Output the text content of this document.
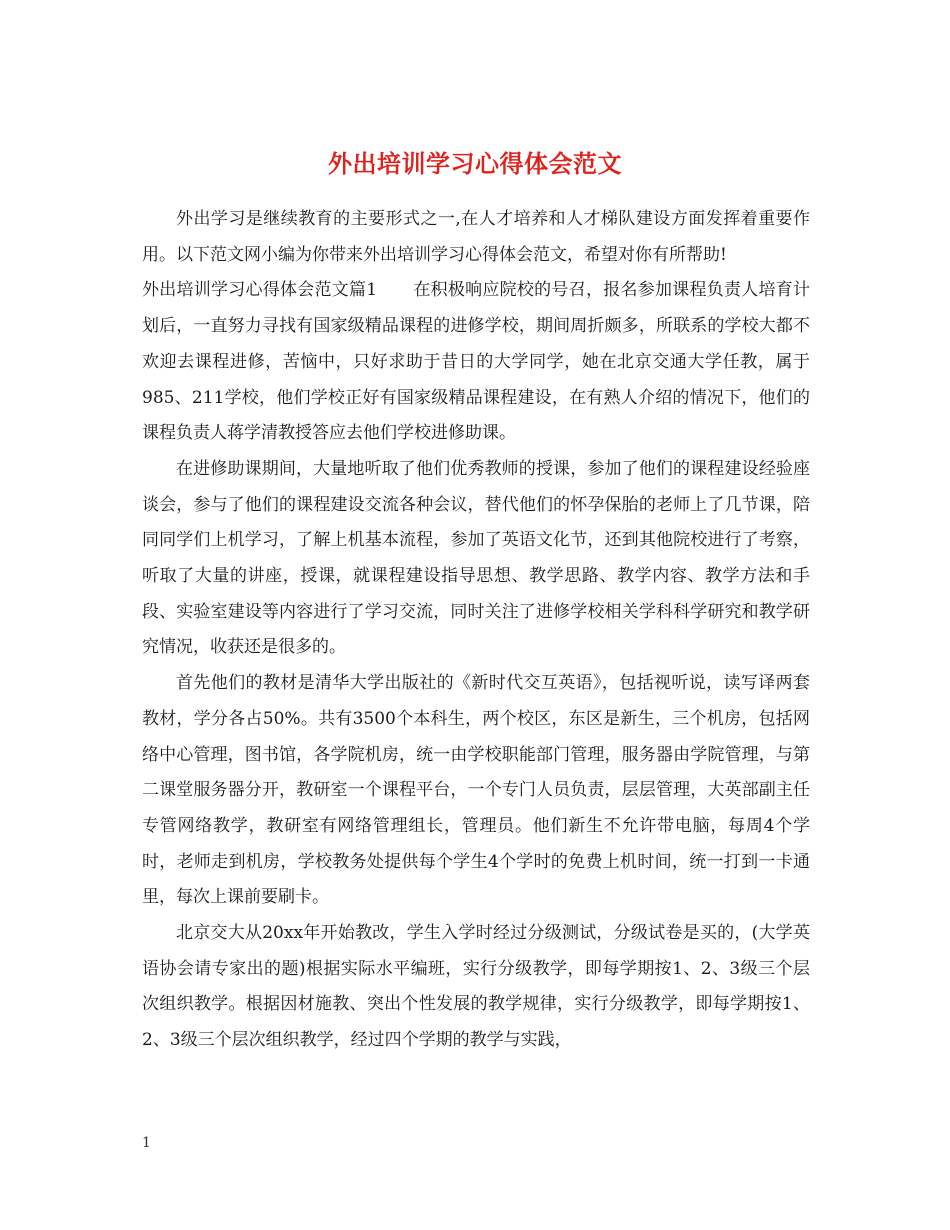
外出培训学习心得体会范文

外出学习是继续教育的主要形式之一,在人才培养和人才梯队建设方面发挥着重要作用。以下范文网小编为你带来外出培训学习心得体会范文，希望对你有所帮助!

外出培训学习心得体会范文篇1 在积极响应院校的号召，报名参加课程负责人培育计划后，一直努力寻找有国家级精品课程的进修学校，期间周折颇多，所联系的学校大都不欢迎去课程进修，苦恼中，只好求助于昔日的大学同学，她在北京交通大学任教，属于985、211学校，他们学校正好有国家级精品课程建设，在有熟人介绍的情况下，他们的课程负责人蒋学清教授答应去他们学校进修助课。

在进修助课期间，大量地听取了他们优秀教师的授课，参加了他们的课程建设经验座谈会，参与了他们的课程建设交流各种会议，替代他们的怀孕保胎的老师上了几节课，陪同同学们上机学习，了解上机基本流程，参加了英语文化节，还到其他院校进行了考察，听取了大量的讲座，授课，就课程建设指导思想、教学思路、教学内容、教学方法和手段、实验室建设等内容进行了学习交流，同时关注了进修学校相关学科科学研究和教学研究情况，收获还是很多的。

首先他们的教材是清华大学出版社的《新时代交互英语》，包括视听说，读写译两套教材，学分各占50%。共有3500个本科生，两个校区，东区是新生，三个机房，包括网络中心管理，图书馆，各学院机房，统一由学校职能部门管理，服务器由学院管理，与第二课堂服务器分开，教研室一个课程平台，一个专门人员负责，层层管理，大英部副主任专管网络教学，教研室有网络管理组长，管理员。他们新生不允许带电脑，每周4个学时，老师走到机房，学校教务处提供每个学生4个学时的免费上机时间，统一打到一卡通里，每次上课前要刷卡。

北京交大从20xx年开始教改，学生入学时经过分级测试，分级试卷是买的，(大学英语协会请专家出的题)根据实际水平编班，实行分级教学，即每学期按1、2、3级三个层次组织教学。根据因材施教、突出个性发展的教学规律，实行分级教学，即每学期按1、2、3级三个层次组织教学，经过四个学期的教学与实践，

1
